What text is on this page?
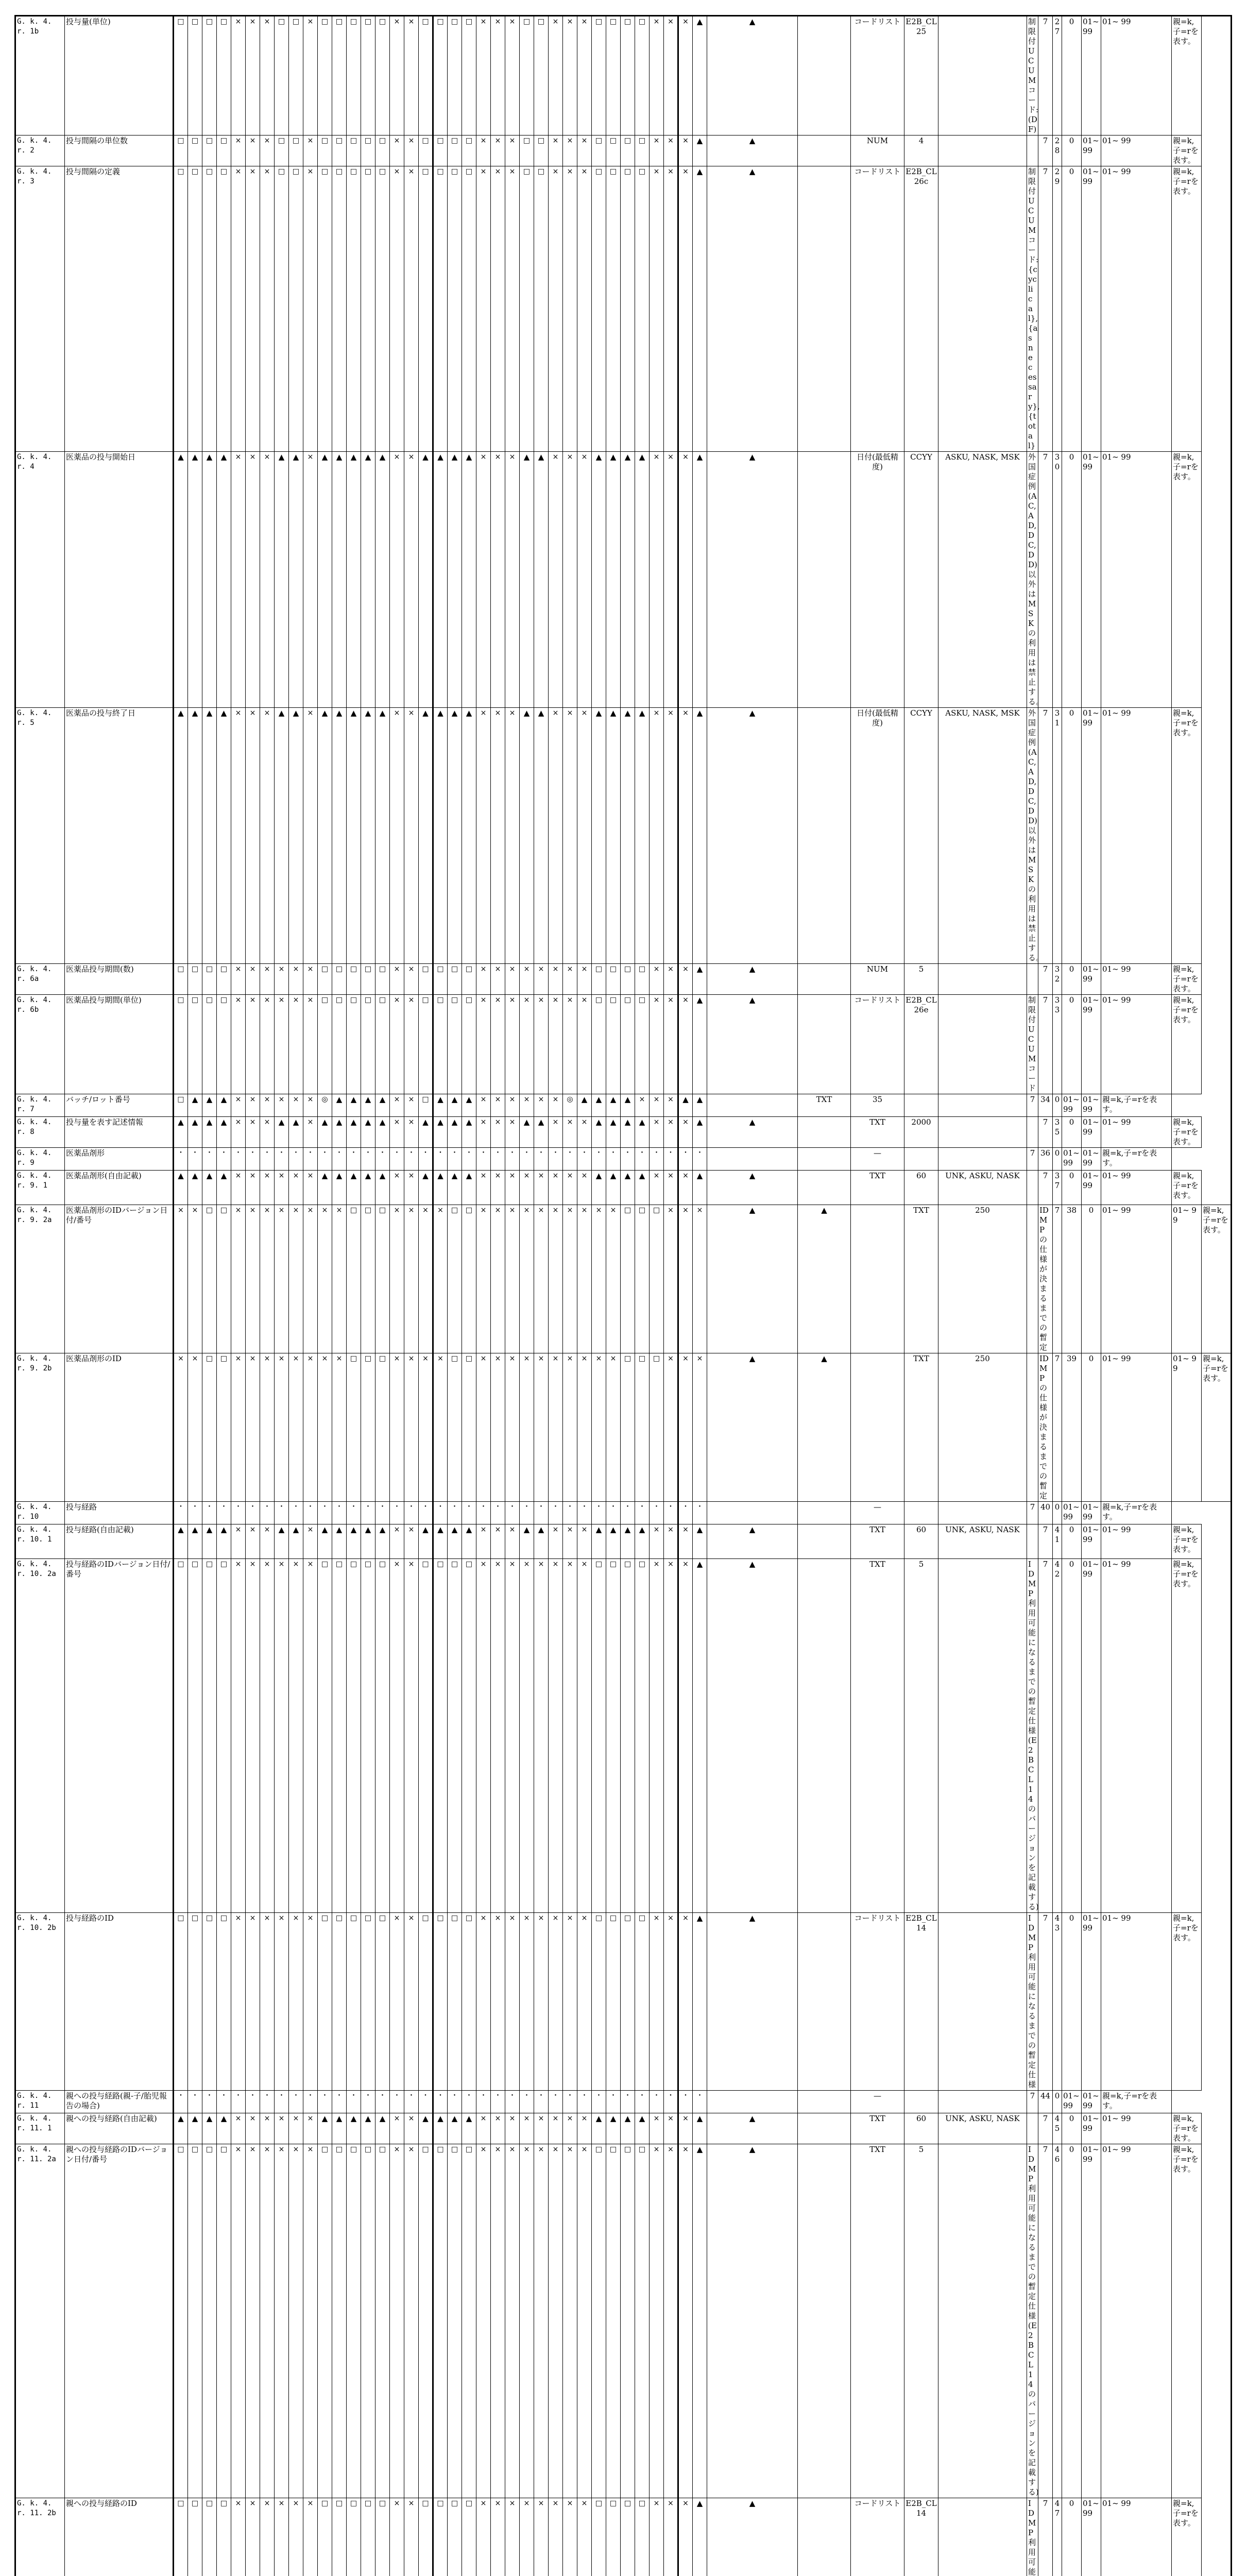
G. k. 4. r. 1b	投与量(単位)	□	□	□	□	×	×	×	□	□	×	□	□	□	□	□	×	×	□	□	□	□	×	×	×	□	□	×	×	×	□	□	□	□	×	×	×	▲	▲		コードリスト	E2B_CL25		制限付UCUMコード:(D F)	7	27	0	01~ 99	01~ 99	親=k,子=rを表す。	
G. k. 4. r. 2	投与間隔の単位数	□	□	□	□	×	×	×	□	□	×	□	□	□	□	□	×	×	□	□	□	□	×	×	×	□	□	×	×	×	□	□	□	□	×	×	×	▲	▲		NUM	4			7	28	0	01~ 99	01~ 99	親=k,子=rを表す。	
G. k. 4. r. 3	投与間隔の定義	□	□	□	□	×	×	×	□	□	×	□	□	□	□	□	×	×	□	□	□	□	×	×	×	□	□	×	×	×	□	□	□	□	×	×	×	▲	▲		コードリスト	E2B_CL26c		制限付UCUMコード:{cyclical}, {asnecessary}, {total}	7	29	0	01~ 99	01~ 99	親=k,子=rを表す。	
G. k. 4. r. 4	医薬品の投与開始日	▲	▲	▲	▲	×	×	×	▲	▲	×	▲	▲	▲	▲	▲	×	×	▲	▲	▲	▲	×	×	×	▲	▲	×	×	×	▲	▲	▲	▲	×	×	×	▲	▲		日付(最低精度)	CCYY	ASKU, NASK, MSK	外国症例(AC, AD, DC, DD)以外はMSKの利用は禁止する。	7	30	0	01~ 99	01~ 99	親=k,子=rを表す。	
G. k. 4. r. 5	医薬品の投与終了日	▲	▲	▲	▲	×	×	×	▲	▲	×	▲	▲	▲	▲	▲	×	×	▲	▲	▲	▲	×	×	×	▲	▲	×	×	×	▲	▲	▲	▲	×	×	×	▲	▲		日付(最低精度)	CCYY	ASKU, NASK, MSK	外国症例(AC, AD, DC, DD)以外はMSKの利用は禁止する。	7	31	0	01~ 99	01~ 99	親=k,子=rを表す。	
G. k. 4. r. 6a	医薬品投与期間(数)	□	□	□	□	×	×	×	×	×	×	□	□	□	□	□	×	×	□	□	□	□	×	×	×	×	×	×	×	×	□	□	□	□	×	×	×	▲	▲		NUM	5			7	32	0	01~ 99	01~ 99	親=k,子=rを表す。	
G. k. 4. r. 6b	医薬品投与期間(単位)	□	□	□	□	×	×	×	×	×	×	□	□	□	□	□	×	×	□	□	□	□	×	×	×	×	×	×	×	×	□	□	□	□	×	×	×	▲	▲		コードリスト	E2B_CL26e		制限付UCUMコード	7	33	0	01~ 99	01~ 99	親=k,子=rを表す。	
G. k. 4. r. 7	バッチ/ロット番号	□	▲	▲	▲	×	×	×	×	×	×	◎	▲	▲	▲	▲	×	×	□	▲	▲	▲	×	×	×	×	×	×	◎	▲	▲	▲	▲	×	×	×	▲	▲		TXT	35			7	34	0	01~ 99	01~ 99	親=k,子=rを表す。		
G. k. 4. r. 8	投与量を表す記述情報	▲	▲	▲	▲	×	×	×	▲	▲	×	▲	▲	▲	▲	▲	×	×	▲	▲	▲	▲	×	×	×	▲	▲	×	×	×	▲	▲	▲	▲	×	×	×	▲	▲		TXT	2000			7	35	0	01~ 99	01~ 99	親=k,子=rを表す。	
G. k. 4. r. 9	医薬品剤形	・	・	・	・	・	・	・	・	・	・	・	・	・	・	・	・	・	・	・	・	・	・	・	・	・	・	・	・	・	・	・	・	・	・	・	・	・			—			7	36	0	01~ 99	01~ 99	親=k,子=rを表す。		
G. k. 4. r. 9. 1	医薬品剤形(自由記載)	▲	▲	▲	▲	×	×	×	×	×	×	▲	▲	▲	▲	▲	×	×	▲	▲	▲	▲	×	×	×	×	×	×	×	×	▲	▲	▲	▲	×	×	×	▲	▲		TXT	60	UNK, ASKU, NASK		7	37	0	01~ 99	01~ 99	親=k,子=rを表す。	
G. k. 4. r. 9. 2a	医薬品剤形のIDバージョン日付/番号	×	×	□	□	×	×	×	×	×	×	×	×	□	□	□	×	×	×	×	□	□	×	×	×	×	×	×	×	×	×	×	□	□	□	×	×	×	▲	▲		TXT	250		IDMPの仕様が決まるまでの暫定	7	38	0	01~ 99	01~ 99	親=k,子=rを表す。
G. k. 4. r. 9. 2b	医薬品剤形のID	×	×	□	□	×	×	×	×	×	×	×	×	□	□	□	×	×	×	×	□	□	×	×	×	×	×	×	×	×	×	×	□	□	□	×	×	×	▲	▲		TXT	250		IDMPの仕様が決まるまでの暫定	7	39	0	01~ 99	01~ 99	親=k,子=rを表す。
G. k. 4. r. 10	投与経路	・	・	・	・	・	・	・	・	・	・	・	・	・	・	・	・	・	・	・	・	・	・	・	・	・	・	・	・	・	・	・	・	・	・	・	・	・			—			7	40	0	01~ 99	01~ 99	親=k,子=rを表す。		
G. k. 4. r. 10. 1	投与経路(自由記載)	▲	▲	▲	▲	×	×	×	▲	▲	×	▲	▲	▲	▲	▲	×	×	▲	▲	▲	▲	×	×	×	▲	▲	×	×	×	▲	▲	▲	▲	×	×	×	▲	▲		TXT	60	UNK, ASKU, NASK		7	41	0	01~ 99	01~ 99	親=k,子=rを表す。	
G. k. 4. r. 10. 2a	投与経路のIDバージョン日付/番号	□	□	□	□	×	×	×	×	×	×	□	□	□	□	□	×	×	□	□	□	□	×	×	×	×	×	×	×	×	□	□	□	□	×	×	×	▲	▲		TXT	5		IDMP利用可能になるまでの暫定仕様(E2B CL14のバージョンを記載する)	7	42	0	01~ 99	01~ 99	親=k,子=rを表す。	
G. k. 4. r. 10. 2b	投与経路のID	□	□	□	□	×	×	×	×	×	×	□	□	□	□	□	×	×	□	□	□	□	×	×	×	×	×	×	×	×	□	□	□	□	×	×	×	▲	▲		コードリスト	E2B_CL14		IDMP利用可能になるまでの暫定仕様	7	43	0	01~ 99	01~ 99	親=k,子=rを表す。	
G. k. 4. r. 11	親への投与経路(親-子/胎児報告の場合)	・	・	・	・	・	・	・	・	・	・	・	・	・	・	・	・	・	・	・	・	・	・	・	・	・	・	・	・	・	・	・	・	・	・	・	・	・			—			7	44	0	01~ 99	01~ 99	親=k,子=rを表す。		
G. k. 4. r. 11. 1	親への投与経路(自由記載)	▲	▲	▲	▲	×	×	×	×	×	×	▲	▲	▲	▲	▲	×	×	▲	▲	▲	▲	×	×	×	×	×	×	×	×	▲	▲	▲	▲	×	×	×	▲	▲		TXT	60	UNK, ASKU, NASK		7	45	0	01~ 99	01~ 99	親=k,子=rを表す。	
G. k. 4. r. 11. 2a	親への投与経路のIDバージョン日付/番号	□	□	□	□	×	×	×	×	×	×	□	□	□	□	□	×	×	□	□	□	□	×	×	×	×	×	×	×	×	□	□	□	□	×	×	×	▲	▲		TXT	5		IDMP利用可能になるまでの暫定仕様(E2B CL14のバージョンを記載する)	7	46	0	01~ 99	01~ 99	親=k,子=rを表す。	
G. k. 4. r. 11. 2b	親への投与経路のID	□	□	□	□	×	×	×	×	×	×	□	□	□	□	□	×	×	□	□	□	□	×	×	×	×	×	×	×	×	□	□	□	□	×	×	×	▲	▲		コードリスト	E2B_CL14		IDMP利用可能	7	47	0	01~ 99	01~ 99	親=k,子=rを表す。	
